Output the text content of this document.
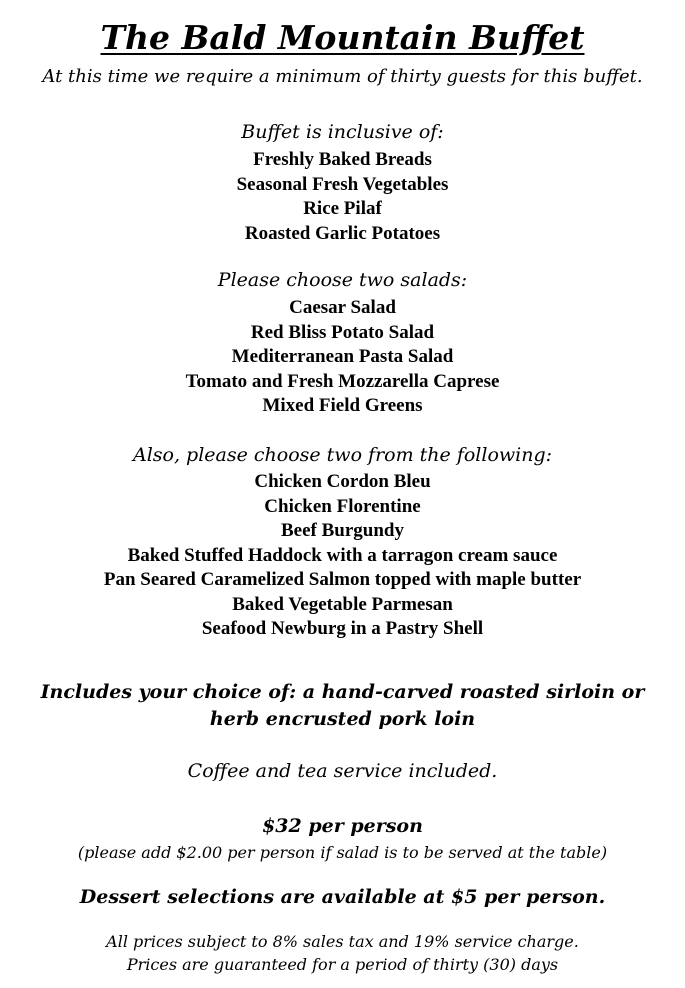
The Bald Mountain Buffet
At this time we require a minimum of thirty guests for this buffet.
Buffet is inclusive of:
Freshly Baked Breads
Seasonal Fresh Vegetables
Rice Pilaf
Roasted Garlic Potatoes
Please choose two salads:
Caesar Salad
Red Bliss Potato Salad
Mediterranean Pasta Salad
Tomato and Fresh Mozzarella Caprese
Mixed Field Greens
Also, please choose two from the following:
Chicken Cordon Bleu
Chicken Florentine
Beef Burgundy
Baked Stuffed Haddock with a tarragon cream sauce
Pan Seared Caramelized Salmon topped with maple butter
Baked Vegetable Parmesan
Seafood Newburg in a Pastry Shell
Includes your choice of: a hand-carved roasted sirloin or
herb encrusted pork loin
Coffee and tea service included.
$32 per person
(please add $2.00 per person if salad is to be served at the table)
Dessert selections are available at $5 per person.
All prices subject to 8% sales tax and 19% service charge.
Prices are guaranteed for a period of thirty (30) days
